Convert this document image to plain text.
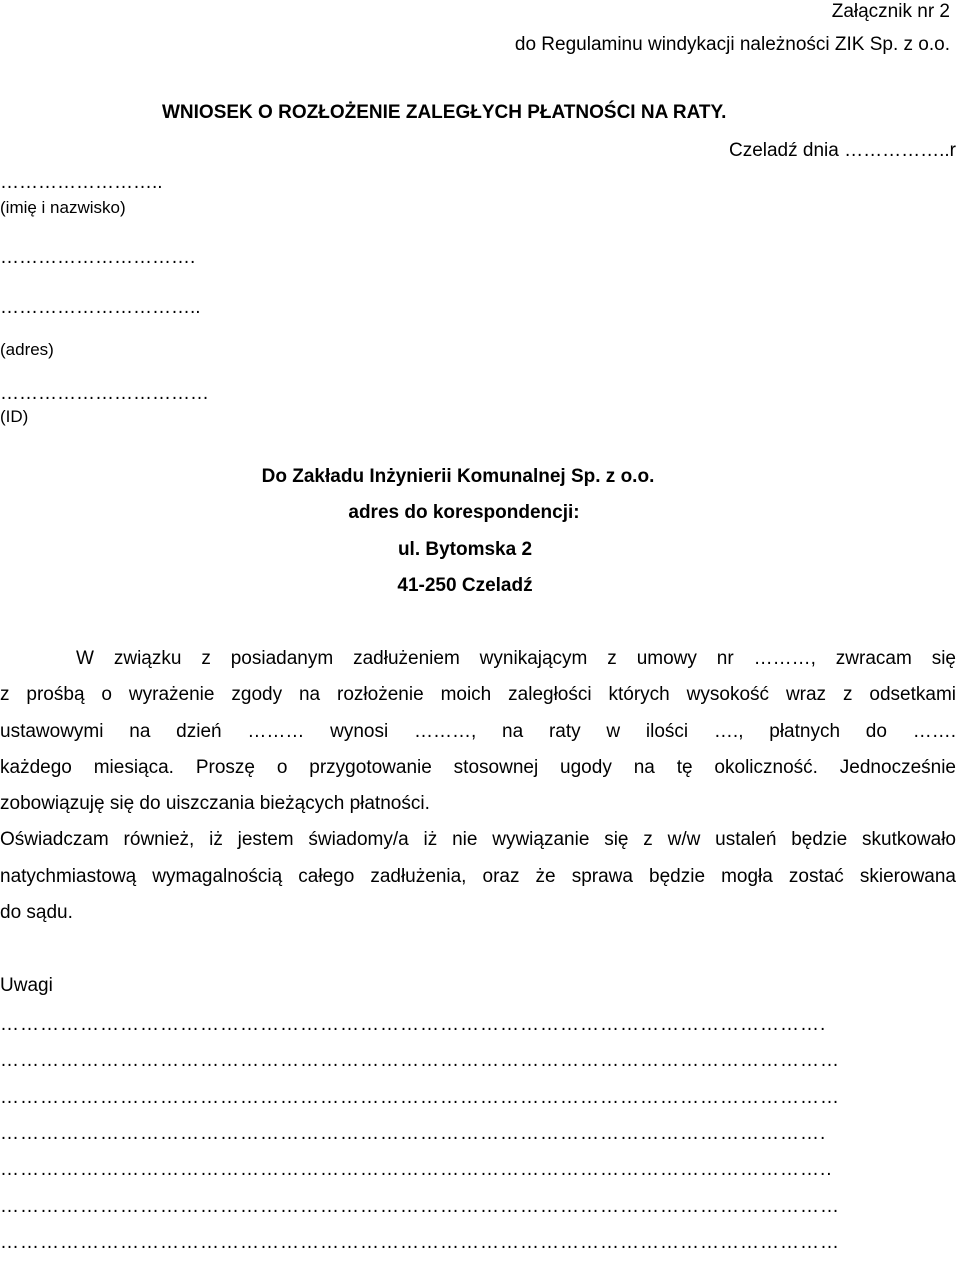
Załącznik nr 2
do Regulaminu windykacji należności ZIK Sp. z o.o.
WNIOSEK O ROZŁOŻENIE ZALEGŁYCH PŁATNOŚCI NA RATY.
Czeladź dnia ……………..r
……………………..
(imię i nazwisko)
………………………….
…………………………..
(adres)
……………………………
(ID)
Do Zakładu Inżynierii Komunalnej Sp. z o.o.
adres do korespondencji:
ul. Bytomska 2
41-250 Czeladź
W związku z posiadanym zadłużeniem wynikającym z umowy nr ………, zwracam się
z prośbą o wyrażenie zgody na rozłożenie moich zaległości których wysokość wraz z odsetkami
ustawowymi na dzień ……… wynosi ………, na raty w ilości …., płatnych do …….
każdego miesiąca. Proszę o przygotowanie stosownej ugody na tę okoliczność. Jednocześnie
zobowiązuję się do uiszczania bieżących płatności.
Oświadczam również, iż jestem świadomy/a iż nie wywiązanie się z w/w ustaleń będzie skutkowało
natychmiastową wymagalnością całego zadłużenia, oraz że sprawa będzie mogła zostać skierowana
do sądu.
Uwagi
…………………………………………………………………………………………………………….
………………………………………………………………………………………………………………
………………………………………………………………………………………………………………
…………………………………………………………………………………………………………….
……………………………………………………………………………………………………………..
………………………………………………………………………………………………………………
………………………………………………………………………………………………………………
